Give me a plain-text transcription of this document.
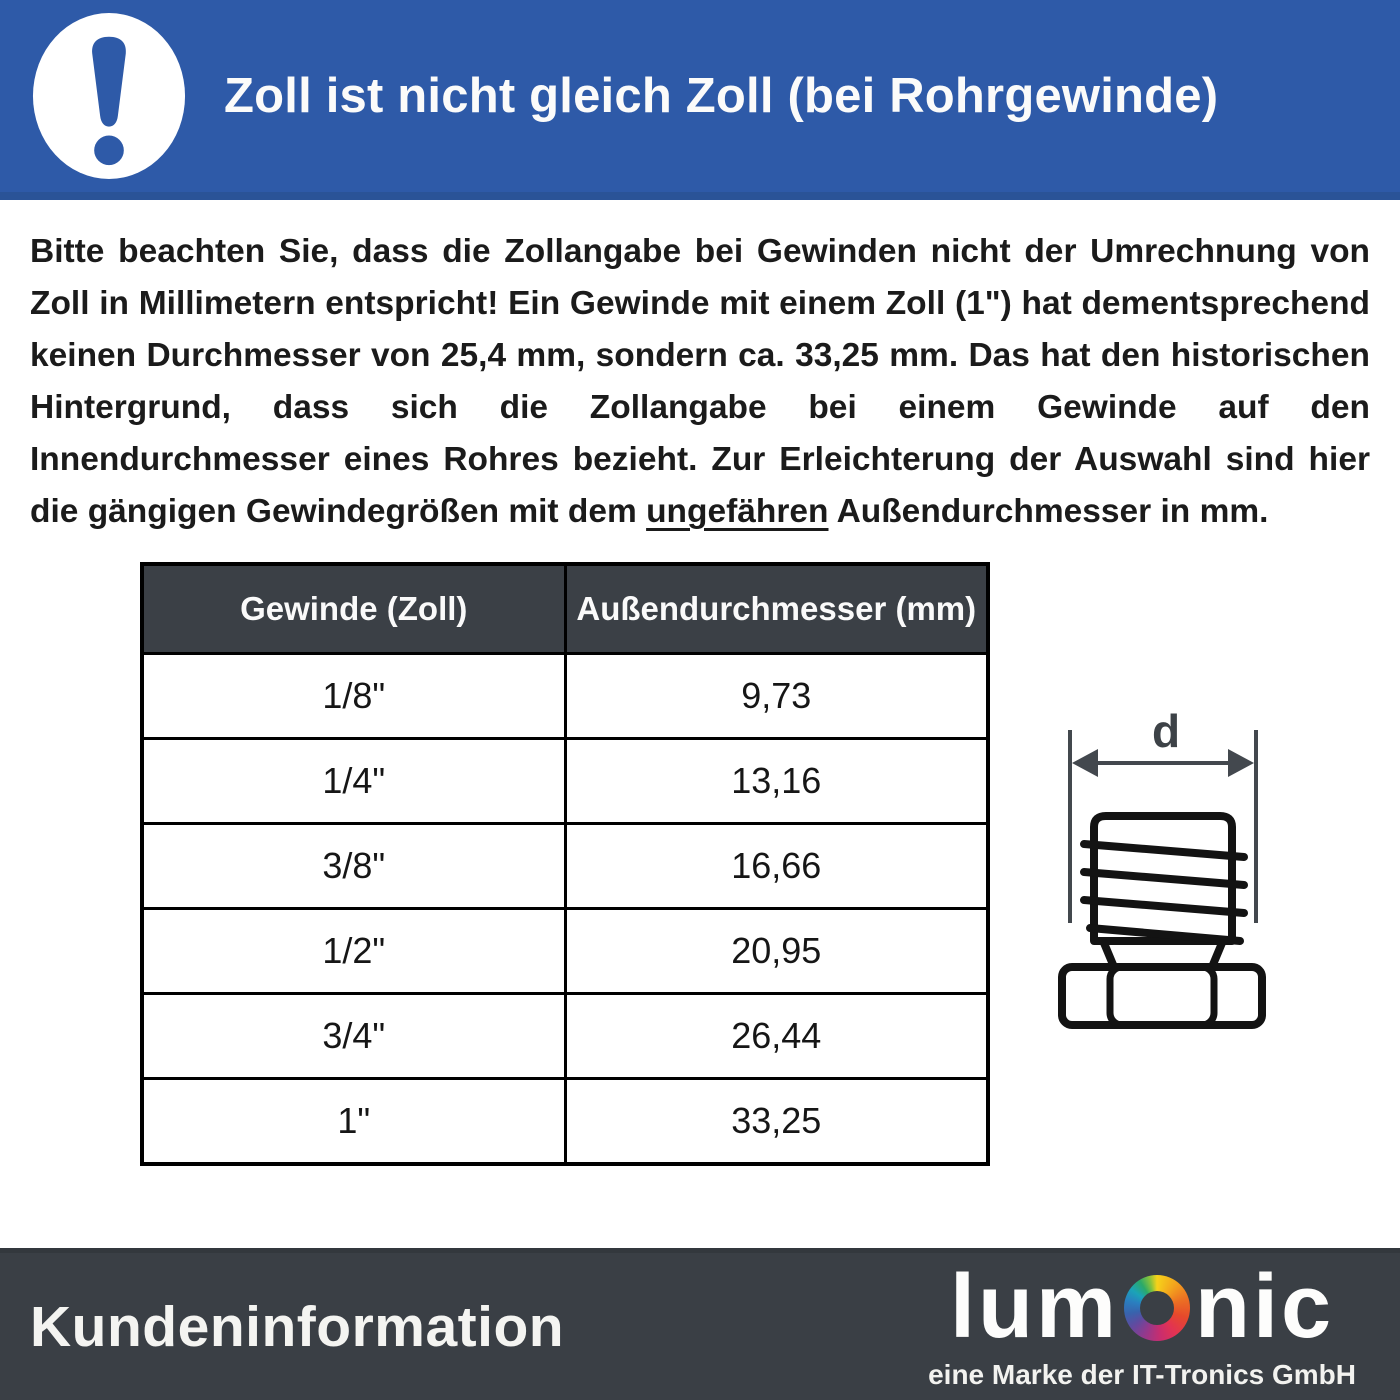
Zoll ist nicht gleich Zoll (bei Rohrgewinde)

Bitte beachten Sie, dass die Zollangabe bei Gewinden nicht der Umrechnung von Zoll in Millimetern entspricht! Ein Gewinde mit einem Zoll (1") hat dementsprechend keinen Durchmesser von 25,4 mm, sondern ca. 33,25 mm. Das hat den historischen Hintergrund, dass sich die Zollangabe bei einem Gewinde auf den Innendurchmesser eines Rohres bezieht. Zur Erleichterung der Auswahl sind hier die gängigen Gewindegrößen mit dem ungefähren Außendurchmesser in mm.

Gewinde (Zoll)	Außendurchmesser (mm)
1/8"	9,73
1/4"	13,16
3/8"	16,66
1/2"	20,95
3/4"	26,44
1"	33,25
d
Kundeninformation	lum nic
eine Marke der IT-Tronics GmbH
